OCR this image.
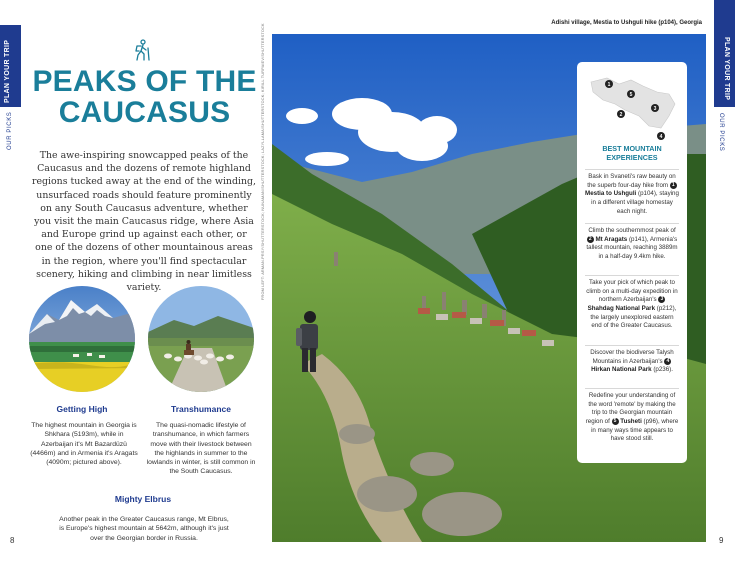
PLAN YOUR TRIP
OUR PICKS
PEAKS OF THE CAUCASUS

The awe-inspiring snowcapped peaks of the Caucasus and the dozens of remote highland regions tucked away at the end of the winding, unsurfaced roads should feature prominently on any South Caucasus adventure, whether you visit the main Caucasus ridge, where Asia and Europe grind up against each other, or one of the dozens of other mountainous areas in the region, where you'll find spectacular scenery, hiking and climbing in near limitless variety.

Getting High
The highest mountain in Georgia is Shkhara (5193m), while in Azerbaijan it's Mt Bazardüzü (4466m) and in Armenia it's Aragats (4090m; pictured above).
Transhumance
The quasi-nomadic lifestyle of transhumance, in which farmers move with their livestock between the highlands in summer to the lowlands in winter, is still common in the South Caucasus.
Mighty Elbrus
Another peak in the Greater Caucasus range, Mt Elbrus, is Europe's highest mountain at 5642m, although it's just over the Georgian border in Russia.
8
FROM LEFT: ARMAN.PRSY/SHUTTERSTOCK; NUNAMAN/SHUTTERSTOCK; LAZYLLAMA/SHUTTERSTOCK; KIRILL TURPAIEV/SHUTTERSTOCK
Adishi village, Mestia to Ushguli hike (p104), Georgia
1
5
2
3
4
BEST MOUNTAIN
EXPERIENCES
Bask in Svaneti's raw beauty on the superb four-day hike from 1 Mestia to Ushguli (p104), staying in a different village homestay each night.
Climb the southernmost peak of 2 Mt Aragats (p141), Armenia's tallest mountain, reaching 3889m in a half-day 9.4km hike.
Take your pick of which peak to climb on a multi-day expedition in northern Azerbaijan's 3 Shahdag National Park (p212), the largely unexplored eastern end of the Greater Caucasus.
Discover the biodiverse Talysh Mountains in Azerbaijan's 4 Hirkan National Park (p236).
Redefine your understanding of the word 'remote' by making the trip to the Georgian mountain region of 5 Tusheti (p96), where in many ways time appears to have stood still.
PLAN YOUR TRIP
OUR PICKS
9
